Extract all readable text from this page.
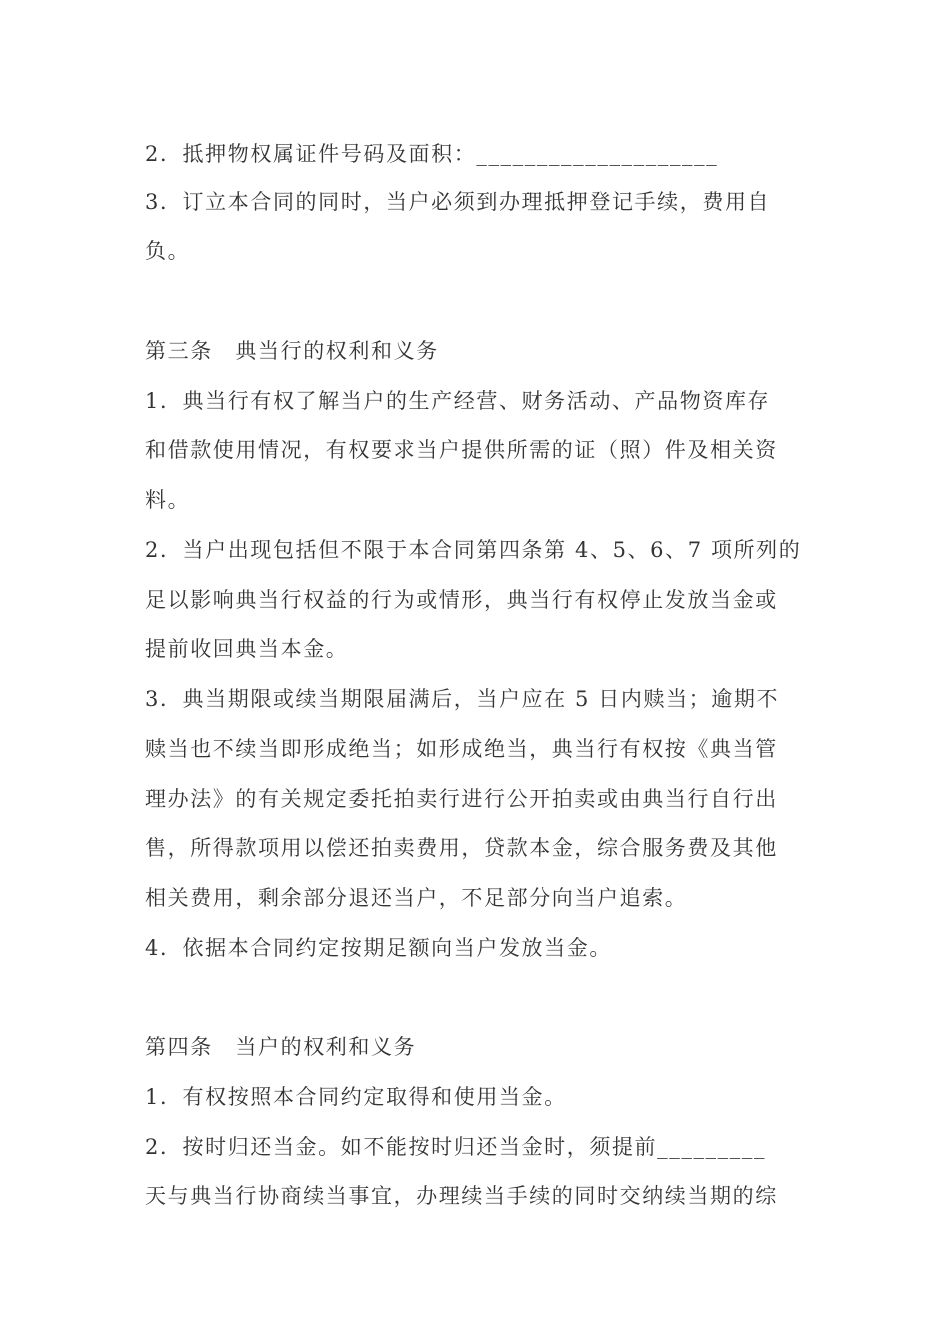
2．抵押物权属证件号码及面积：____________________
3．订立本合同的同时，当户必须到办理抵押登记手续，费用自
负。
第三条　典当行的权利和义务
1．典当行有权了解当户的生产经营、财务活动、产品物资库存
和借款使用情况，有权要求当户提供所需的证（照）件及相关资
料。
2．当户出现包括但不限于本合同第四条第 4、5、6、7 项所列的
足以影响典当行权益的行为或情形，典当行有权停止发放当金或
提前收回典当本金。
3．典当期限或续当期限届满后，当户应在 5 日内赎当；逾期不
赎当也不续当即形成绝当；如形成绝当，典当行有权按《典当管
理办法》的有关规定委托拍卖行进行公开拍卖或由典当行自行出
售，所得款项用以偿还拍卖费用，贷款本金，综合服务费及其他
相关费用，剩余部分退还当户，不足部分向当户追索。
4．依据本合同约定按期足额向当户发放当金。
第四条　当户的权利和义务
1．有权按照本合同约定取得和使用当金。
2．按时归还当金。如不能按时归还当金时，须提前_________
天与典当行协商续当事宜，办理续当手续的同时交纳续当期的综
